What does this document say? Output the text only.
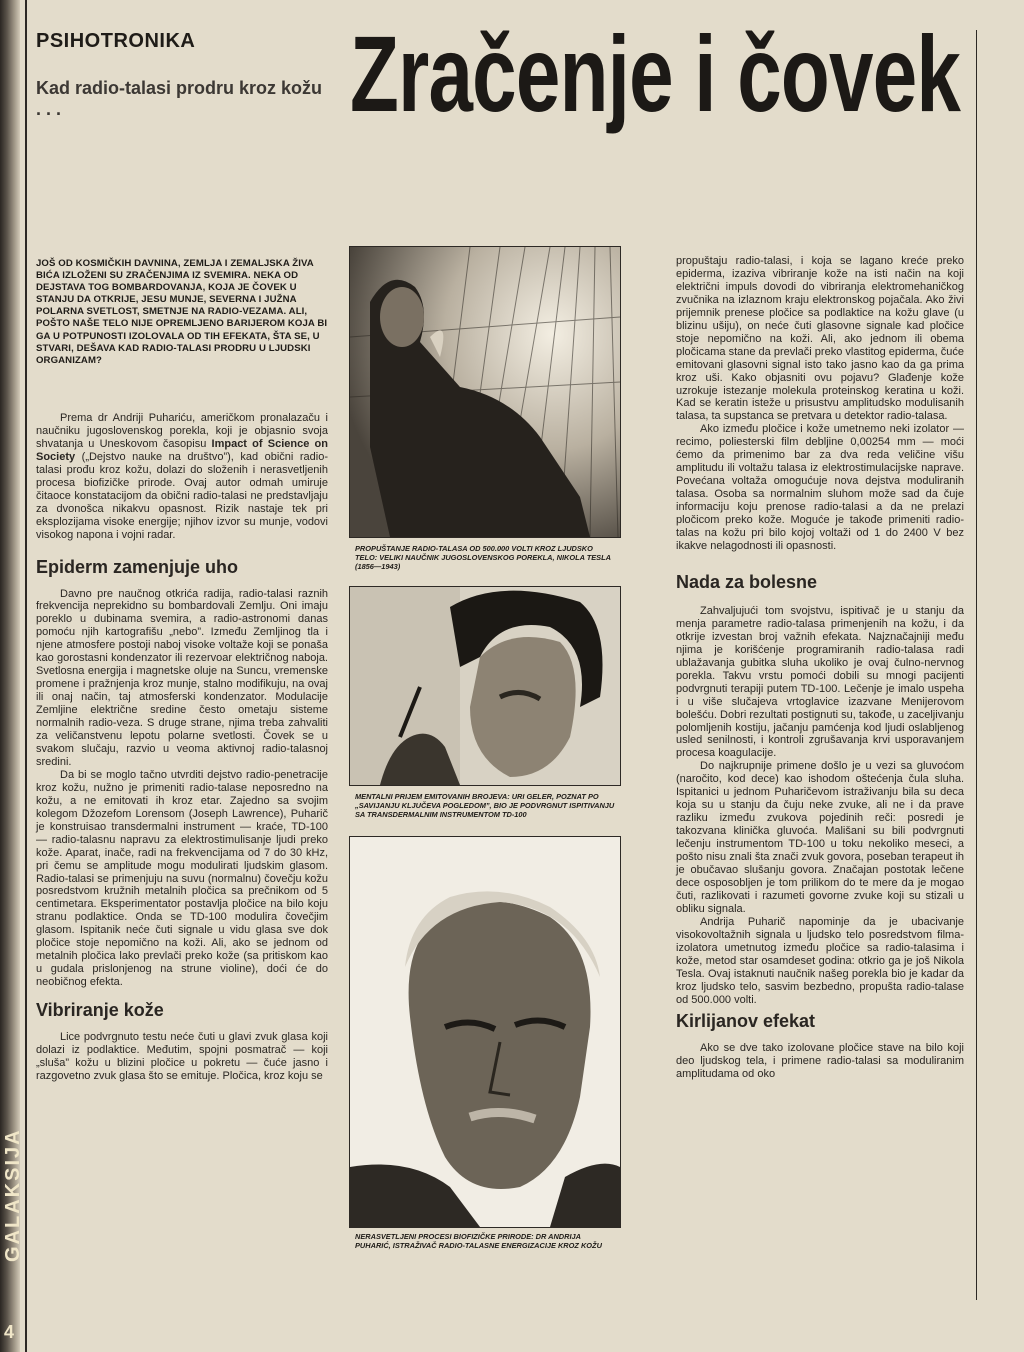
GALAKSIJA
4
PSIHOTRONIKA
Kad radio-talasi prodru kroz kožu . . .	Zračenje i čovek
JOŠ OD KOSMIČKIH DAVNINA, ZEMLJA I ZEMALJSKA ŽIVA BIĆA IZLOŽENI SU ZRAČENJIMA IZ SVEMIRA. NEKA OD DEJSTAVA TOG BOMBARDOVANJA, KOJA JE ČOVEK U STANJU DA OTKRIJE, JESU MUNJE, SEVERNA I JUŽNA POLARNA SVETLOST, SMETNJE NA RADIO-VEZAMA. ALI, POŠTO NAŠE TELO NIJE OPREMLJENO BARIJEROM KOJA BI GA U POTPUNOSTI IZOLOVALA OD TIH EFEKATA, ŠTA SE, U STVARI, DEŠAVA KAD RADIO-TALASI PRODRU U LJUDSKI ORGANIZAM?

Prema dr Andriji Puhariću, američkom pronalazaču i naučniku jugoslovenskog porekla, koji je objasnio svoja shvatanja u Uneskovom časopisu Impact of Science on Society („Dejstvo nauke na društvo”), kad obični radio-talasi prođu kroz kožu, dolazi do složenih i nerasvetljenih procesa biofizičke prirode. Ovaj autor odmah umiruje čitaoce konstatacijom da obični radio-talasi ne predstavljaju za dvonošca nikakvu opasnost. Rizik nastaje tek pri eksplozijama visoke energije; njihov izvor su munje, vodovi visokog napona i vojni radar.

Epiderm zamenjuje uho

Davno pre naučnog otkrića radija, radio-talasi raznih frekvencija neprekidno su bombardovali Zemlju. Oni imaju poreklo u dubinama svemira, a radio-astronomi danas pomoću njih kartografišu „nebo”. Između Zemljinog tla i njene atmosfere postoji naboj visoke voltaže koji se ponaša kao gorostasni kondenzator ili rezervoar električnog naboja. Svetlosna energija i magnetske oluje na Suncu, vremenske promene i pražnjenja kroz munje, stalno modifikuju, na ovaj ili onaj način, taj atmosferski kondenzator. Modulacije Zemljine električne sredine često ometaju sisteme normalnih radio-veza. S druge strane, njima treba zahvaliti za veličanstvenu lepotu polarne svetlosti. Čovek se u svakom slučaju, razvio u veoma aktivnoj radio-talasnoj sredini.

Da bi se moglo tačno utvrditi dejstvo radio-penetracije kroz kožu, nužno je primeniti radio-talase neposredno na kožu, a ne emitovati ih kroz etar. Zajedno sa svojim kolegom Džozefom Lorensom (Joseph Lawrence), Puharič je konstruisao transdermalni instrument — kraće, TD-100 — radio-talasnu napravu za elektrostimulisanje ljudi preko kože. Aparat, inače, radi na frekvencijama od 7 do 30 kHz, pri čemu se amplitude mogu modulirati ljudskim glasom. Radio-talasi se primenjuju na suvu (normalnu) čovečju kožu posredstvom kružnih metalnih pločica sa prečnikom od 5 centimetara. Eksperimentator postavlja pločice na bilo koju stranu podlaktice. Onda se TD-100 modulira čovečjim glasom. Ispitanik neće čuti signale u vidu glasa sve dok pločice stoje nepomično na koži. Ali, ako se jednom od metalnih pločica lako prevlači preko kože (sa pritiskom kao u gudala prislonjenog na strune violine), doći će do neobičnog efekta.

Vibriranje kože

Lice podvrgnuto testu neće čuti u glavi zvuk glasa koji dolazi iz podlaktice. Međutim, spojni posmatrač — koji „sluša” kožu u blizini pločice u pokretu — čuće jasno i razgovetno zvuk glasa što se emituje. Pločica, kroz koju se

PROPUŠTANJE RADIO-TALASA OD 500.000 VOLTI KROZ LJUDSKO TELO: VELIKI NAUČNIK JUGOSLOVENSKOG POREKLA, NIKOLA TESLA (1856—1943)
MENTALNI PRIJEM EMITOVANIH BROJEVA: URI GELER, POZNAT PO „SAVIJANJU KLJUČEVA POGLEDOM”, BIO JE PODVRGNUT ISPITIVANJU SA TRANSDERMALNIM INSTRUMENTOM TD-100
NERASVETLJENI PROCESI BIOFIZIČKE PRIRODE: DR ANDRIJA PUHARIĆ, ISTRAŽIVAČ RADIO-TALASNE ENERGIZACIJE KROZ KOŽU

propuštaju radio-talasi, i koja se lagano kreće preko epiderma, izaziva vibriranje kože na isti način na koji električni impuls dovodi do vibriranja elektromehaničkog zvučnika na izlaznom kraju elektronskog pojačala. Ako živi prijemnik prenese pločice sa podlaktice na kožu glave (u blizinu ušiju), on neće čuti glasovne signale kad pločice stoje nepomično na koži. Ali, ako jednom ili obema pločicama stane da prevlači preko vlastitog epiderma, čuće emitovani glasovni signal isto tako jasno kao da ga prima kroz uši. Kako objasniti ovu pojavu? Glađenje kože uzrokuje istezanje molekula proteinskog keratina u koži. Kad se keratin isteže u prisustvu amplitudsko modulisanih talasa, ta supstanca se pretvara u detektor radio-talasa.

Ako između pločice i kože umetnemo neki izolator — recimo, poliesterski film debljine 0,00254 mm — moći ćemo da primenimo bar za dva reda veličine višu amplitudu ili voltažu talasa iz elektrostimulacijske naprave. Povećana voltaža omogućuje nova dejstva moduliranih talasa. Osoba sa normalnim sluhom može sad da čuje informaciju koju prenose radio-talasi a da ne prelazi pločicom preko kože. Moguće je takođe primeniti radio-talas na kožu pri bilo kojoj voltaži od 1 do 2400 V bez ikakve nelagodnosti ili opasnosti.

Nada za bolesne

Zahvaljujući tom svojstvu, ispitivač je u stanju da menja parametre radio-talasa primenjenih na kožu, i da otkrije izvestan broj važnih efekata. Najznačajniji među njima je korišćenje programiranih radio-talasa radi ublažavanja gubitka sluha ukoliko je ovaj čulno-nervnog porekla. Takvu vrstu pomoći dobili su mnogi pacijenti podvrgnuti terapiji putem TD-100. Lečenje je imalo uspeha i u više slučajeva vrtoglavice izazvane Menijerovom bolešću. Dobri rezultati postignuti su, takođe, u zaceljivanju polomljenih kostiju, jačanju pamćenja kod ljudi oslabljenog usled senilnosti, i kontroli zgrušavanja krvi usporavanjem procesa koagulacije.

Do najkrupnije primene došlo je u vezi sa gluvoćom (naročito, kod dece) kao ishodom oštećenja čula sluha. Ispitanici u jednom Puharičevom istraživanju bila su deca koja su u stanju da čuju neke zvuke, ali ne i da prave razliku između zvukova pojedinih reči: posredi je takozvana klinička gluvoća. Mališani su bili podvrgnuti lečenju instrumentom TD-100 u toku nekoliko meseci, a pošto nisu znali šta znači zvuk govora, poseban terapeut ih je obučavao slušanju govora. Značajan postotak lečene dece osposobljen je tom prilikom do te mere da je mogao čuti, razlikovati i razumeti govorne zvuke koji su stizali u obliku signala.

Andrija Puharič napominje da je ubacivanje visokovoltažnih signala u ljudsko telo posredstvom filma-izolatora umetnutog između pločice sa radio-talasima i kože, metod star osamdeset godina: otkrio ga je još Nikola Tesla. Ovaj istaknuti naučnik našeg porekla bio je kadar da kroz ljudsko telo, sasvim bezbedno, propušta radio-talase od 500.000 volti.

Kirlijanov efekat

Ako se dve tako izolovane pločice stave na bilo koji deo ljudskog tela, i primene radio-talasi sa moduliranim amplitudama od oko
